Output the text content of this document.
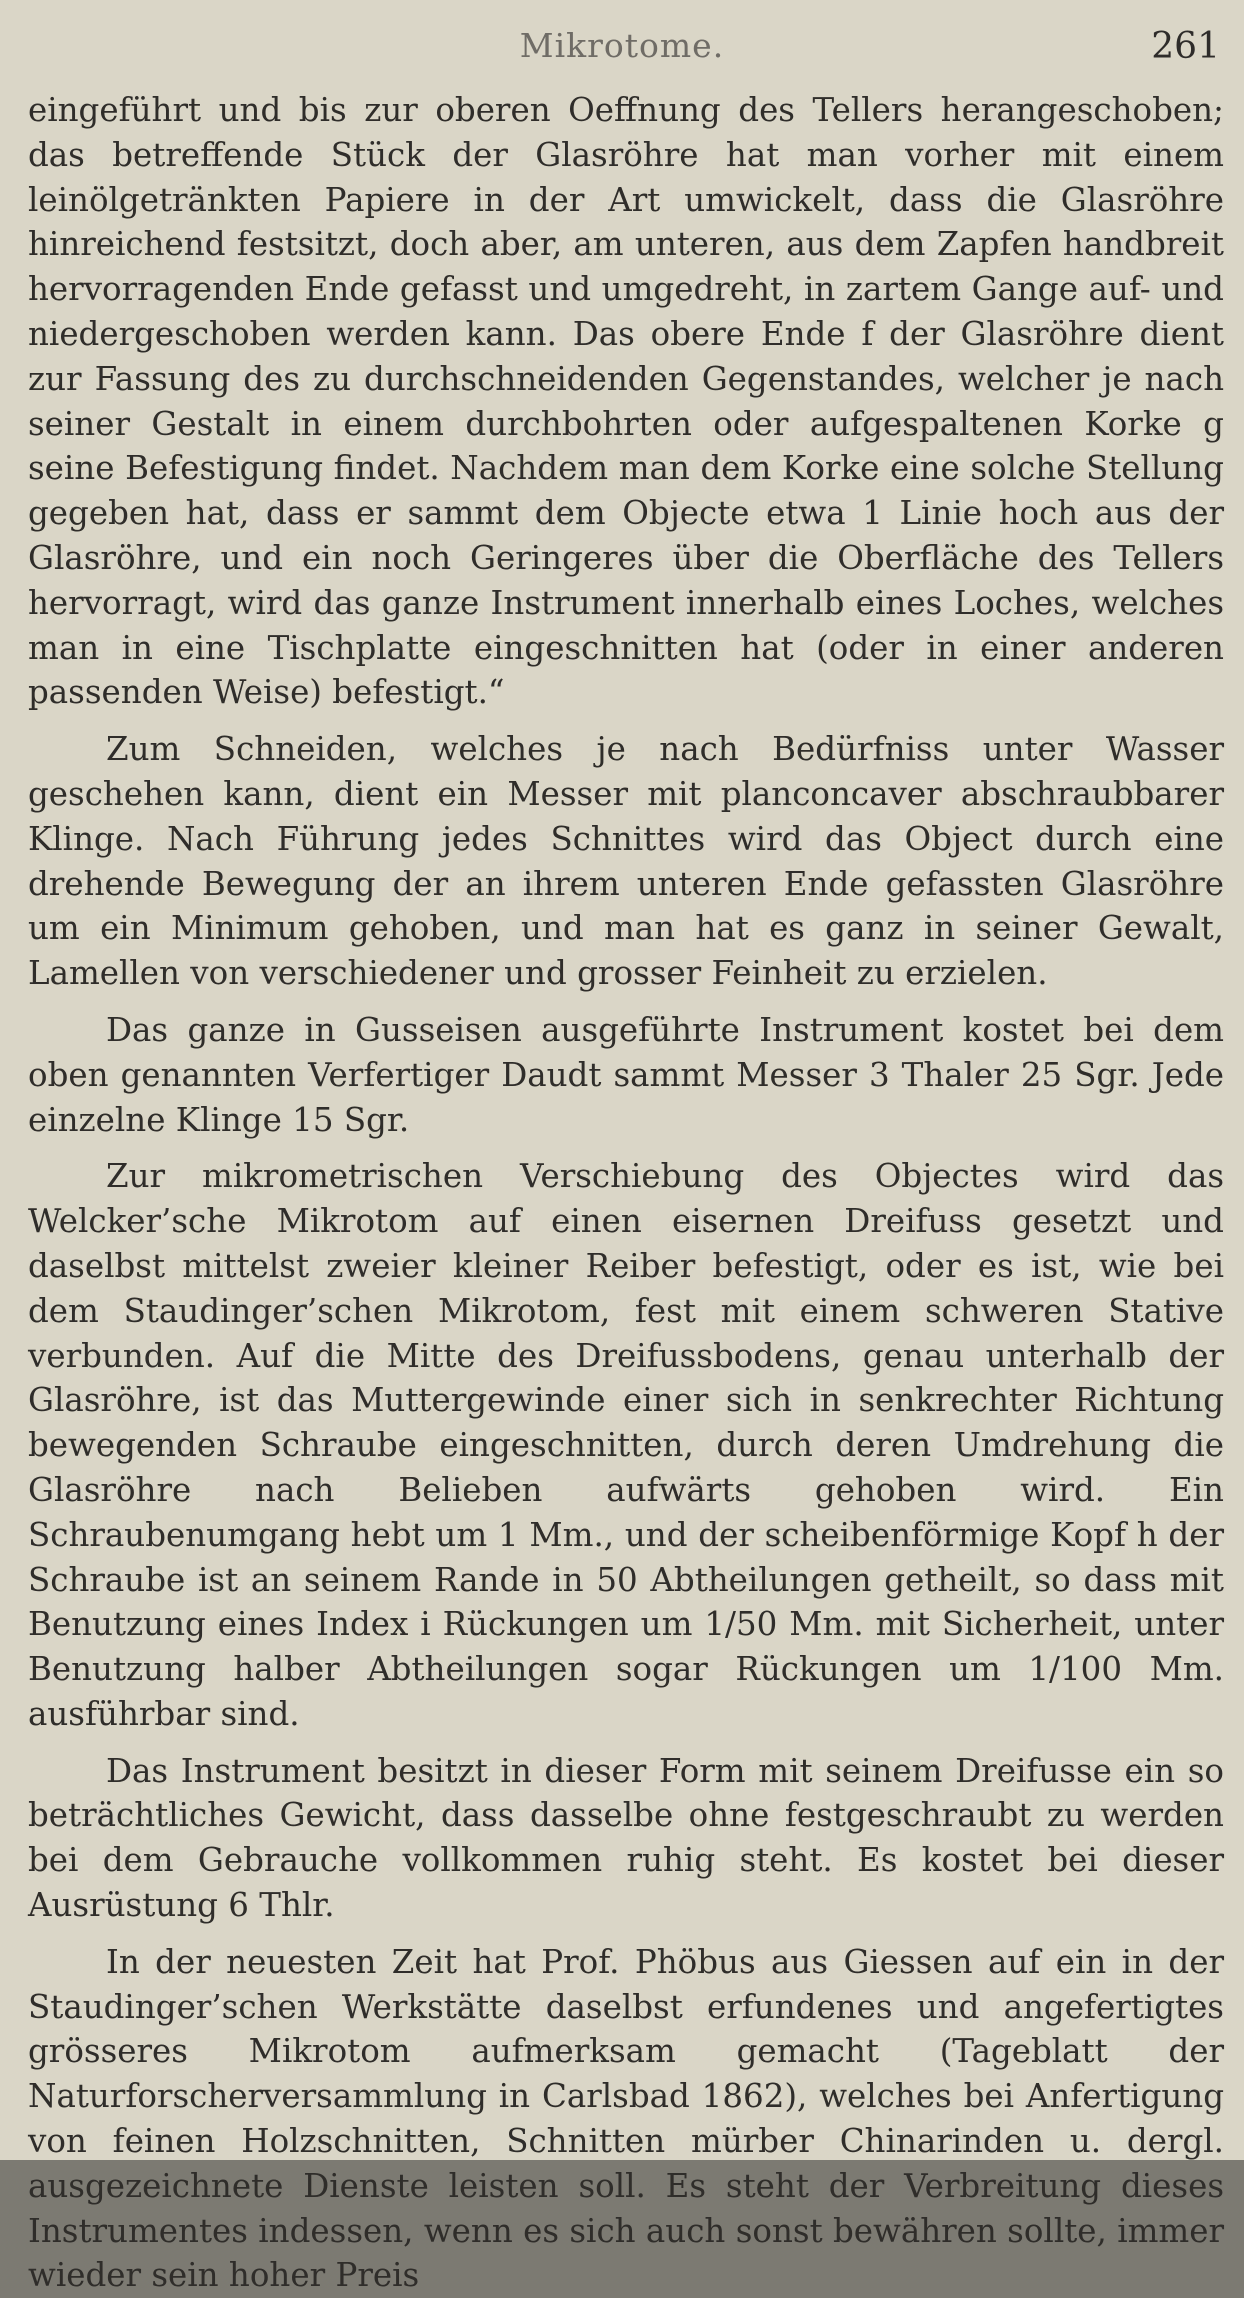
Mikrotome.	261

eingeführt und bis zur oberen Oeffnung des Tellers herangeschoben; das betreffende Stück der Glasröhre hat man vorher mit einem leinölgetränkten Papiere in der Art umwickelt, dass die Glasröhre hinreichend festsitzt, doch aber, am unteren, aus dem Zapfen handbreit hervorragenden Ende gefasst und umgedreht, in zartem Gange auf- und niedergeschoben werden kann. Das obere Ende f der Glasröhre dient zur Fassung des zu durchschneidenden Gegenstandes, welcher je nach seiner Gestalt in einem durchbohrten oder aufgespaltenen Korke g seine Befestigung findet. Nachdem man dem Korke eine solche Stellung gegeben hat, dass er sammt dem Objecte etwa 1 Linie hoch aus der Glasröhre, und ein noch Geringeres über die Oberfläche des Tellers hervorragt, wird das ganze Instrument innerhalb eines Loches, welches man in eine Tischplatte eingeschnitten hat (oder in einer anderen passenden Weise) befestigt.“

Zum Schneiden, welches je nach Bedürfniss unter Wasser geschehen kann, dient ein Messer mit planconcaver abschraubbarer Klinge. Nach Führung jedes Schnittes wird das Object durch eine drehende Bewegung der an ihrem unteren Ende gefassten Glasröhre um ein Minimum gehoben, und man hat es ganz in seiner Gewalt, Lamellen von verschiedener und grosser Feinheit zu erzielen.

Das ganze in Gusseisen ausgeführte Instrument kostet bei dem oben genannten Verfertiger Daudt sammt Messer 3 Thaler 25 Sgr. Jede einzelne Klinge 15 Sgr.

Zur mikrometrischen Verschiebung des Objectes wird das Welcker’sche Mikrotom auf einen eisernen Dreifuss gesetzt und daselbst mittelst zweier kleiner Reiber befestigt, oder es ist, wie bei dem Staudinger’schen Mikrotom, fest mit einem schweren Stative verbunden. Auf die Mitte des Dreifussbodens, genau unterhalb der Glasröhre, ist das Muttergewinde einer sich in senkrechter Richtung bewegenden Schraube eingeschnitten, durch deren Umdrehung die Glasröhre nach Belieben aufwärts gehoben wird. Ein Schraubenumgang hebt um 1 Mm., und der scheibenförmige Kopf h der Schraube ist an seinem Rande in 50 Abtheilungen getheilt, so dass mit Benutzung eines Index i Rückungen um 1/50 Mm. mit Sicherheit, unter Benutzung halber Abtheilungen sogar Rückungen um 1/100 Mm. ausführbar sind.

Das Instrument besitzt in dieser Form mit seinem Dreifusse ein so beträchtliches Gewicht, dass dasselbe ohne festgeschraubt zu werden bei dem Gebrauche vollkommen ruhig steht. Es kostet bei dieser Ausrüstung 6 Thlr.

In der neuesten Zeit hat Prof. Phöbus aus Giessen auf ein in der Staudinger’schen Werkstätte daselbst erfundenes und angefertigtes grösseres Mikrotom aufmerksam gemacht (Tageblatt der Naturforscherversammlung in Carlsbad 1862), welches bei Anfertigung von feinen Holzschnitten, Schnitten mürber Chinarinden u. dergl. ausgezeichnete Dienste leisten soll. Es steht der Verbreitung dieses Instrumentes indessen, wenn es sich auch sonst bewähren sollte, immer wieder sein hoher Preis
